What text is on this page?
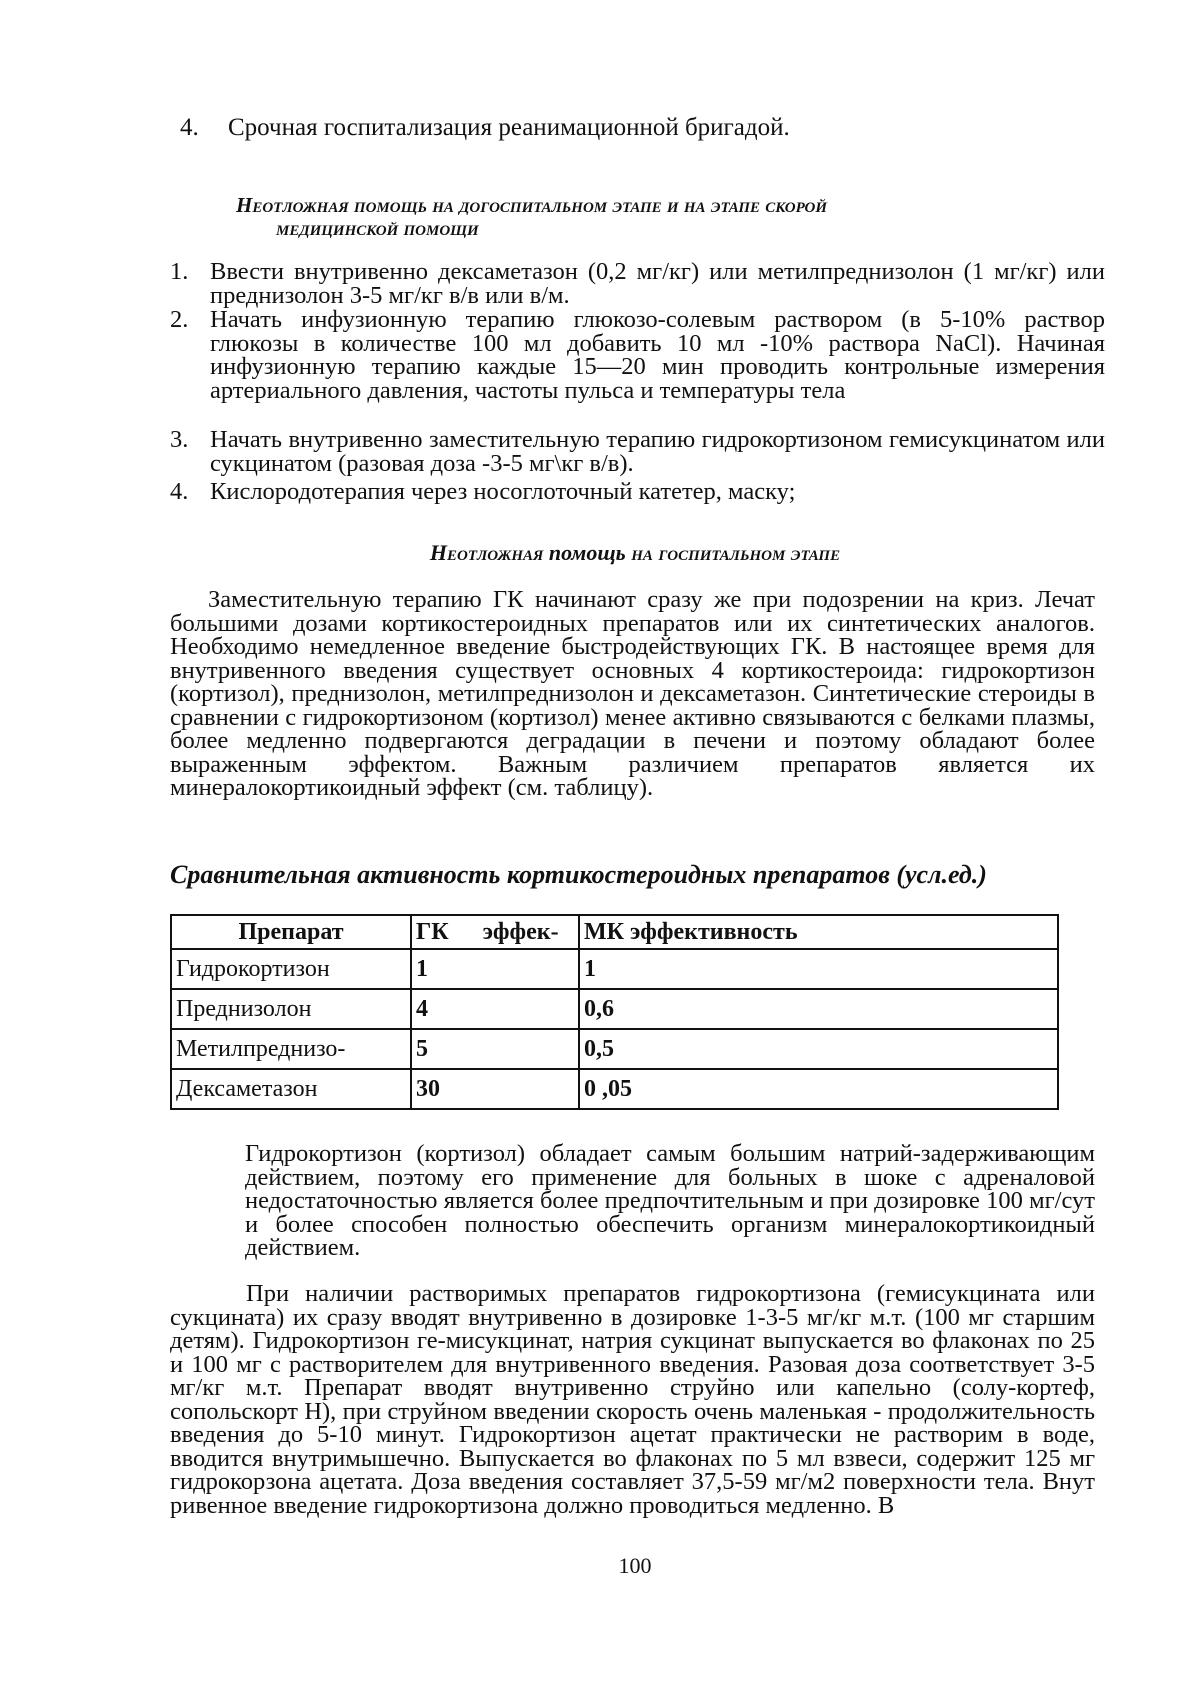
4. Срочная госпитализация реанимационной бригадой.
Неотложная помощь на догоспитальном этапе и на этапе скорой
медицинской помощи
1. Ввести внутривенно дексаметазон (0,2 мг/кг) или метилпреднизолон (1 мг/кг) или преднизолон 3-5 мг/кг в/в или в/м.
2. Начать инфузионную терапию глюкозо-солевым раствором (в 5-10% раствор глюкозы в количестве 100 мл добавить 10 мл -10% раствора NaCl). Начиная инфузионную терапию каждые 15—20 мин проводить контрольные измерения артериального давления, частоты пульса и температуры тела
3. Начать внутривенно заместительную терапию гидрокортизоном гемисукцинатом или сукцинатом (разовая доза -3-5 мг\кг в/в).
4. Кислородотерапия через носоглоточный катетер, маску;
Неотложная помощь на госпитальном этапе

Заместительную терапию ГК начинают сразу же при подозрении на криз. Лечат большими дозами кортикостероидных препаратов или их синтетических аналогов. Необходимо немедленное введение быстродействующих ГК. В настоящее время для внутривенного введения существует основных 4 кортикостероида: гидрокортизон (кортизол), преднизолон, метилпреднизолон и дексаметазон. Синтетические стероиды в сравнении с гидрокортизоном (кортизол) менее активно связываются с белками плазмы, более медленно подвергаются деградации в печени и поэтому обладают более выраженным эффектом. Важным различием препаратов является их минералокортикоидный эффект (см. таблицу).

Сравнительная активность кортикостероидных препаратов (усл.ед.)
Препарат	ГК эффек-	МК эффективность
Гидрокортизон	1	1
Преднизолон	4	0,6
Метилпреднизо-	5	0,5
Дексаметазон	30	0 ,05

Гидрокортизон (кортизол) обладает самым большим натрий-задерживающим действием, поэтому его применение для больных в шоке с адреналовой недостаточностью является более предпочтительным и при дозировке 100 мг/сут и более способен полностью обеспечить организм минералокортикоидный действием.

При наличии растворимых препаратов гидрокортизона (гемисукцината или сукцината) их сразу вводят внутривенно в дозировке 1-3-5 мг/кг м.т. (100 мг старшим детям). Гидрокортизон ге-мисукцинат, натрия сукцинат выпускается во флаконах по 25 и 100 мг с растворителем для внутривенного введения. Разовая доза соответствует 3-5 мг/кг м.т. Препарат вводят внутривенно струйно или капельно (солу-кортеф, сопольскорт Н), при струйном введении скорость очень маленькая - продолжительность введения до 5-10 минут. Гидрокортизон ацетат практически не растворим в воде, вводится внутримышечно. Выпускается во флаконах по 5 мл взвеси, содержит 125 мг гидрокорзона ацетата. Доза введения составляет 37,5-59 мг/м2 поверхности тела. Внут ривенное введение гидрокортизона должно проводиться медленно. В

100
